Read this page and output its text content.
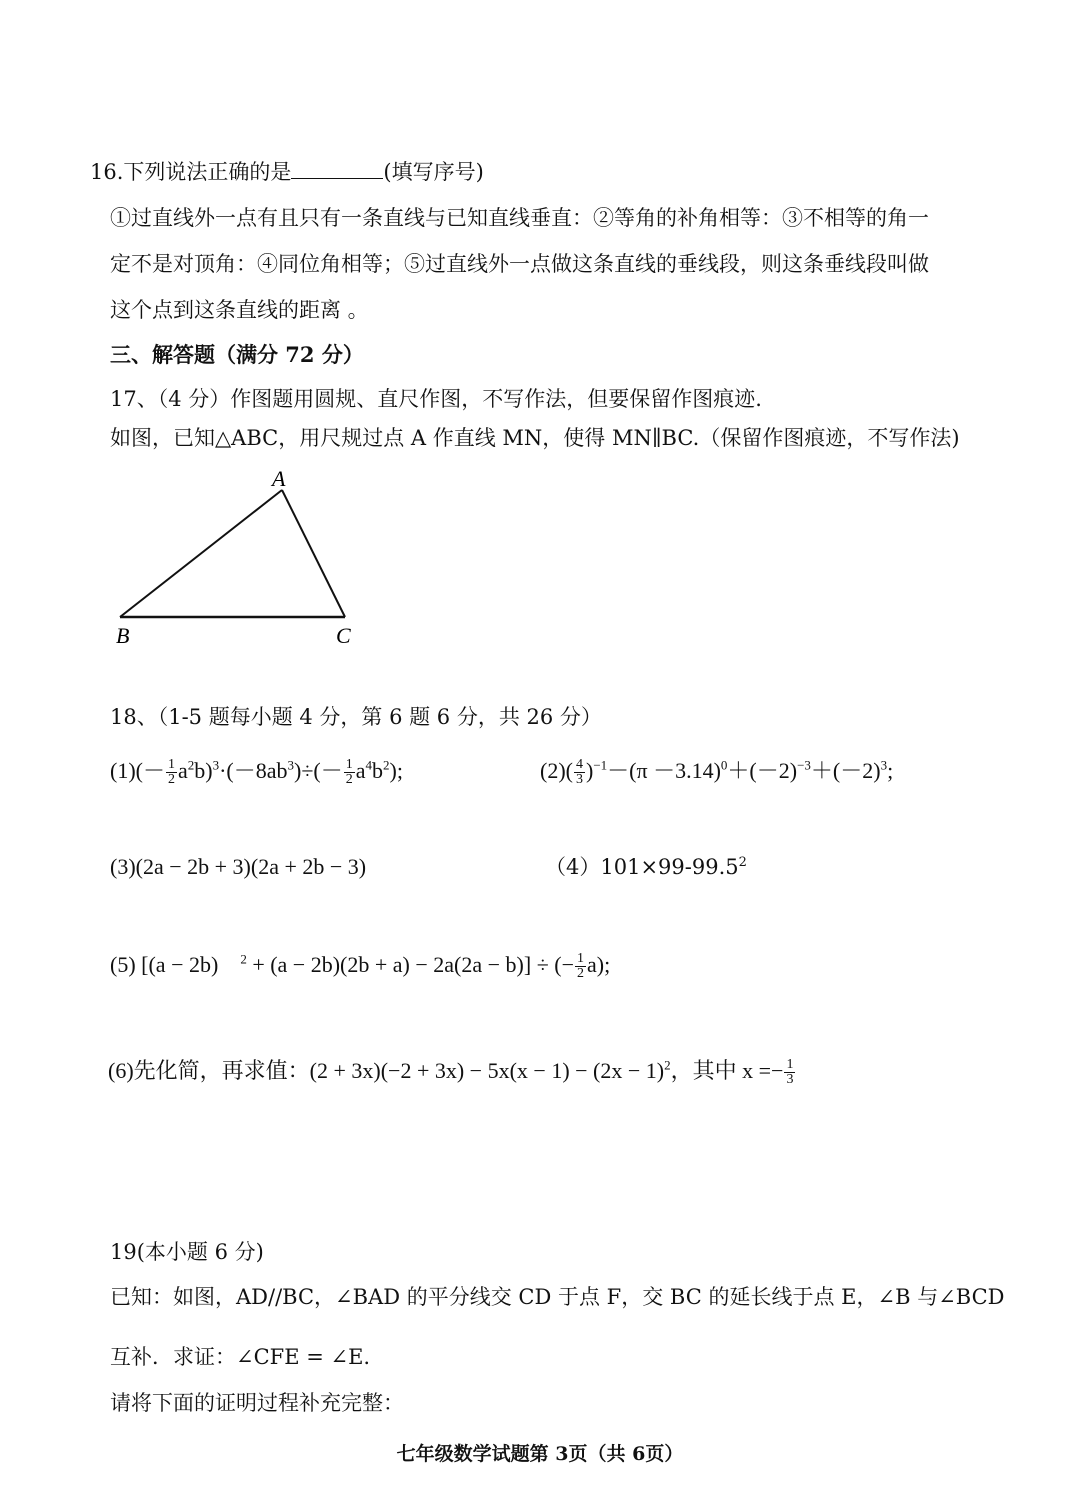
16.下列说法正确的是	(填写序号)
①过直线外一点有且只有一条直线与已知直线垂直：②等角的补角相等：③不相等的角一
定不是对顶角：④同位角相等；⑤过直线外一点做这条直线的垂线段，则这条垂线段叫做
这个点到这条直线的距离 。
三、解答题（满分 72 分）
17、（4 分）作图题用圆规、直尺作图，不写作法，但要保留作图痕迹.
如图，已知△ABC，用尺规过点 A 作直线 MN，使得 MN∥BC.（保留作图痕迹，不写作法)
A
B	C
18、（1-5 题每小题 4 分，第 6 题 6 分，共 26 分）
$(1)(- \frac{1}{2} a^2b)^3\cdot(-8ab^3)\div(- \frac{1}{2} a^4b^2)$;	$(2)( \frac{4}{3} )^{-1}-(\pi -3.14)^0+(-2)^{-3}+(-2)^3$;
(3)(2a − 2b + 3)(2a + 2b − 3)	$(4)101\times 99-99.5^2$
(5) [(a − 2b) $^2$ + (a − 2b)(2b + a) − 2a(2a − b)] ÷ (− $\frac{1}{2} a$);
(6)先化简，再求值：$(2 + 3x)(-2 + 3x) - 5x(x - 1) - (2x - 1)^2$，其中 $x =- \frac{1}{3}$
19(本小题 6 分)
已知：如图，AD//BC，∠BAD 的平分线交 CD 于点 F，交 BC 的延长线于点 E，∠B 与∠BCD
互补．求证：∠CFE = ∠E.
请将下面的证明过程补充完整：
七年级数学试题第 3页（共 6页）
